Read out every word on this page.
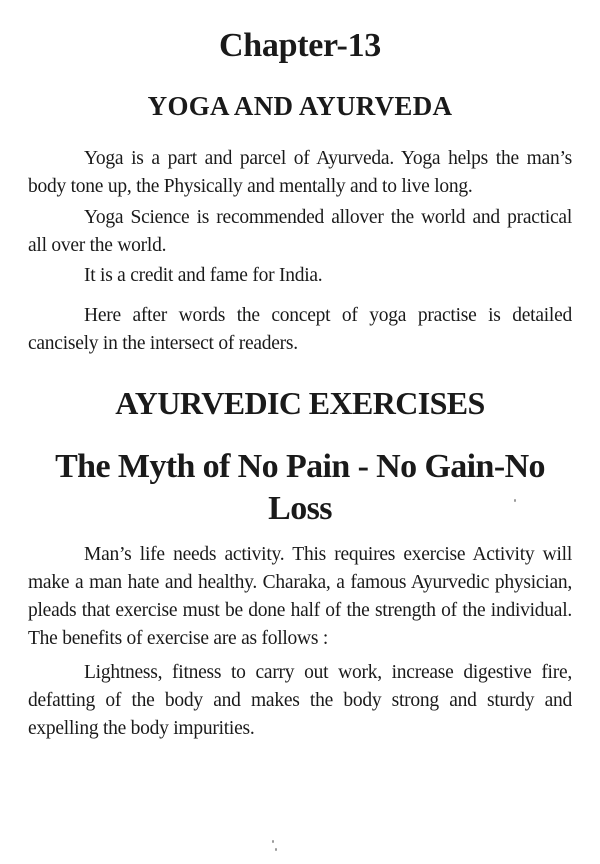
Chapter-13
YOGA AND AYURVEDA

Yoga is a part and parcel of Ayurveda. Yoga helps the man’s body tone up, the Physically and mentally and to live long.

Yoga Science is recommended allover the world and practical all over the world.

It is a credit and fame for India.

Here after words the concept of yoga practise is detailed cancisely in the intersect of readers.

AYURVEDIC EXERCISES
The Myth of No Pain - No Gain-No Loss

Man’s life needs activity. This requires exercise Activity will make a man hate and healthy. Charaka, a famous Ayurvedic physician, pleads that exercise must be done half of the strength of the individual. The benefits of exercise are as follows :

Lightness, fitness to carry out work, increase digestive fire, defatting of the body and makes the body strong and sturdy and expelling the body impurities.
